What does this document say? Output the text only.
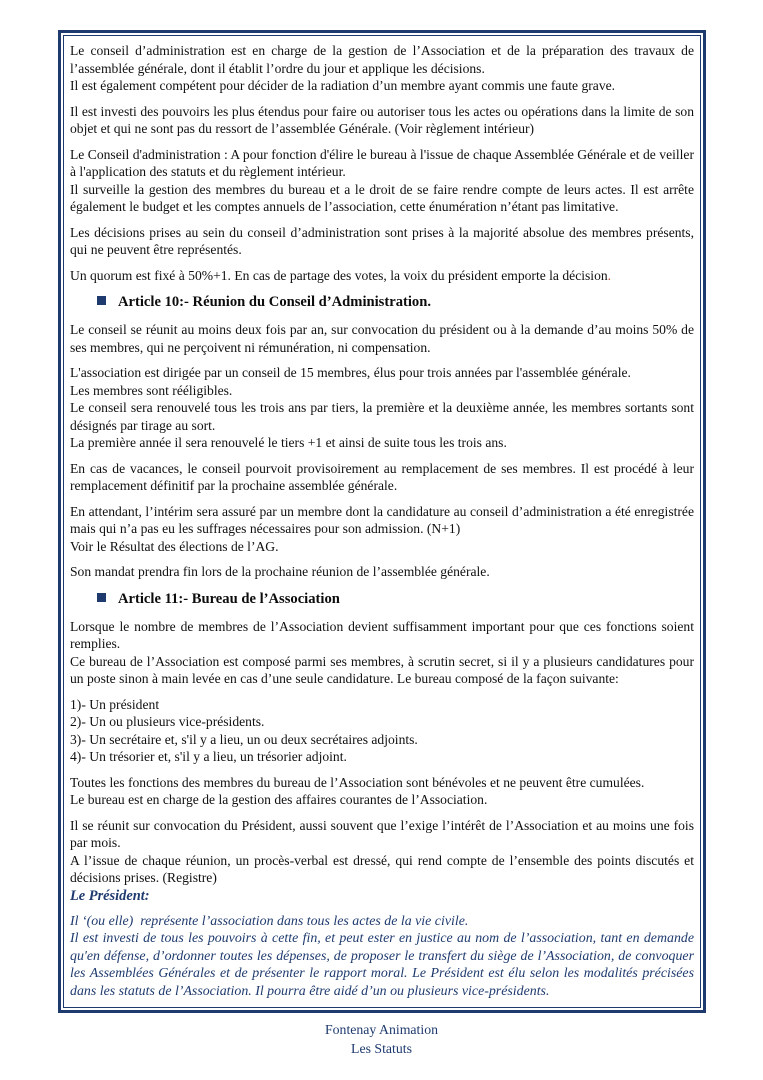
Le conseil d’administration est en charge de la gestion de l’Association et de la préparation des travaux de l’assemblée générale, dont il établit l’ordre du jour et applique les décisions.
Il est également compétent pour décider de la radiation d’un membre ayant commis une faute grave.

Il est investi des pouvoirs les plus étendus pour faire ou autoriser tous les actes ou opérations dans la limite de son objet et qui ne sont pas du ressort de l’assemblée Générale. (Voir règlement intérieur)

Le Conseil d'administration : A pour fonction d'élire le bureau à l'issue de chaque Assemblée Générale et de veiller à l'application des statuts et du règlement intérieur.
Il surveille la gestion des membres du bureau et a le droit de se faire rendre compte de leurs actes. Il est arrête également le budget et les comptes annuels de l’association, cette énumération n’étant pas limitative.

Les décisions prises au sein du conseil d’administration sont prises à la majorité absolue des membres présents, qui ne peuvent être représentés.

Un quorum est fixé à 50%+1. En cas de partage des votes, la voix du président emporte la décision.

Article 10:- Réunion du Conseil d’Administration.

Le conseil se réunit au moins deux fois par an, sur convocation du président ou à la demande d’au moins 50% de ses membres, qui ne perçoivent ni rémunération, ni compensation.

L'association est dirigée par un conseil de 15 membres, élus pour trois années par l'assemblée générale.
Les membres sont rééligibles.
Le conseil sera renouvelé tous les trois ans par tiers, la première et la deuxième année, les membres sortants sont désignés par tirage au sort.
La première année il sera renouvelé le tiers +1 et ainsi de suite tous les trois ans.

En cas de vacances, le conseil pourvoit provisoirement au remplacement de ses membres. Il est procédé à leur remplacement définitif par la prochaine assemblée générale.

En attendant, l’intérim sera assuré par un membre dont la candidature au conseil d’administration a été enregistrée mais qui n’a pas eu les suffrages nécessaires pour son admission. (N+1)
Voir le Résultat des élections de l’AG.

Son mandat prendra fin lors de la prochaine réunion de l’assemblée générale.

Article 11:- Bureau de l’Association

Lorsque le nombre de membres de l’Association devient suffisamment important pour que ces fonctions soient remplies.
Ce bureau de l’Association est composé parmi ses membres, à scrutin secret, si il y a plusieurs candidatures pour un poste sinon à main levée en cas d’une seule candidature. Le bureau composé de la façon suivante:

1)- Un président
2)- Un ou plusieurs vice-présidents.
3)- Un secrétaire et, s'il y a lieu, un ou deux secrétaires adjoints.
4)- Un trésorier et, s'il y a lieu, un trésorier adjoint.

Toutes les fonctions des membres du bureau de l’Association sont bénévoles et ne peuvent être cumulées.
Le bureau est en charge de la gestion des affaires courantes de l’Association.

Il se réunit sur convocation du Président, aussi souvent que l’exige l’intérêt de l’Association et au moins une fois par mois.
A l’issue de chaque réunion, un procès-verbal est dressé, qui rend compte de l’ensemble des points discutés et décisions prises. (Registre)

Le Président:

Il ‘(ou elle)  représente l’association dans tous les actes de la vie civile.
Il est investi de tous les pouvoirs à cette fin, et peut ester en justice au nom de l’association, tant en demande qu'en défense, d’ordonner toutes les dépenses, de proposer le transfert du siège de l’Association, de convoquer les Assemblées Générales et de présenter le rapport moral. Le Président est élu selon les modalités précisées dans les statuts de l’Association. Il pourra être aidé d’un ou plusieurs vice-présidents.

Fontenay Animation
Les Statuts
